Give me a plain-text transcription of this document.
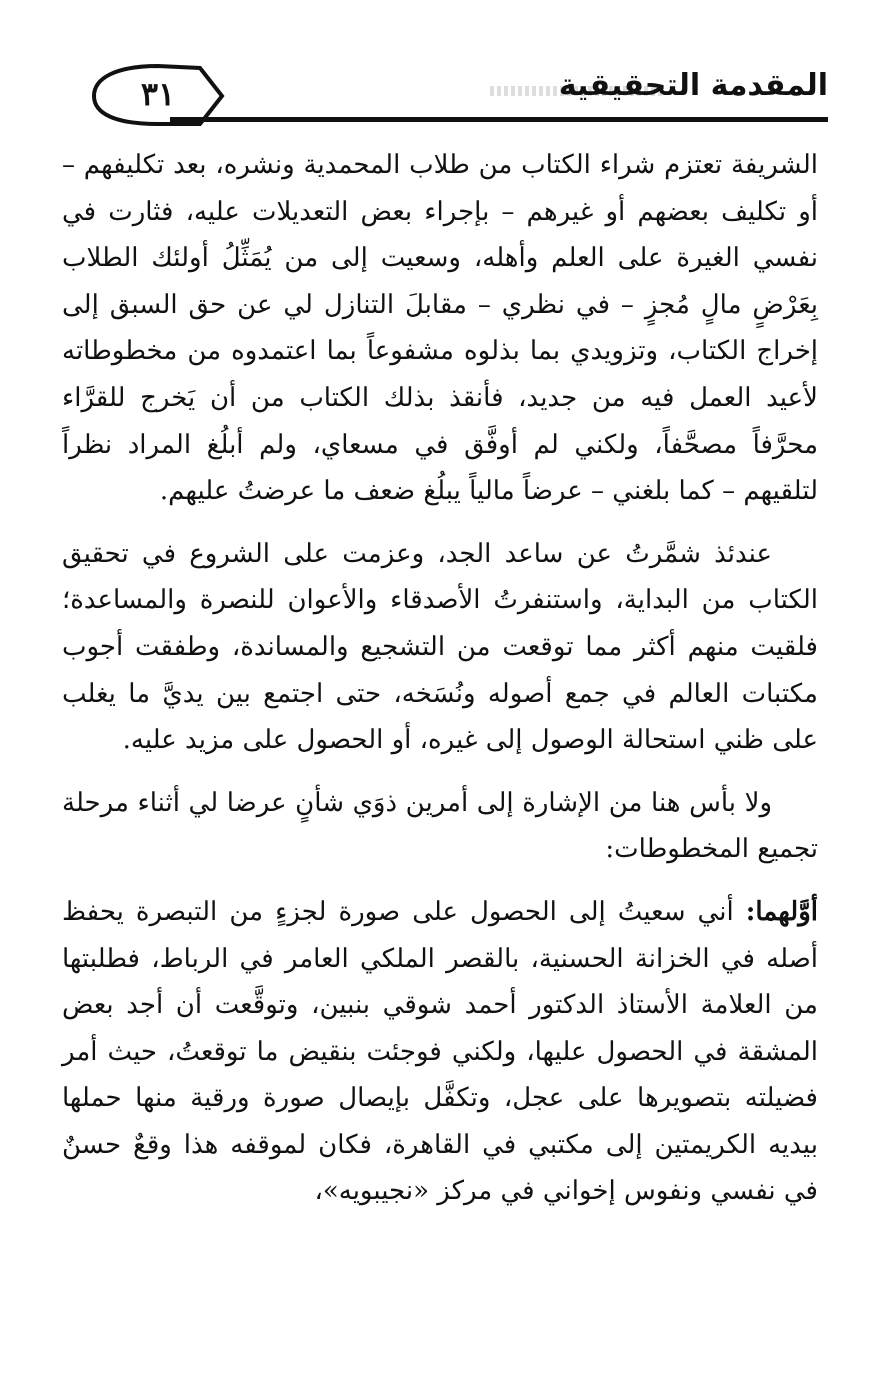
٣١	المقدمة التحقيقية

الشريفة تعتزم شراء الكتاب من طلاب المحمدية ونشره، بعد تكليفهم – أو تكليف بعضهم أو غيرهم – بإجراء بعض التعديلات عليه، فثارت في نفسي الغيرة على العلم وأهله، وسعيت إلى من يُمَثِّلُ أولئك الطلاب بِعَرْضٍ مالٍ مُجزٍ – في نظري – مقابلَ التنازل لي عن حق السبق إلى إخراج الكتاب، وتزويدي بما بذلوه مشفوعاً بما اعتمدوه من مخطوطاته لأعيد العمل فيه من جديد، فأنقذ بذلك الكتاب من أن يَخرج للقرَّاء محرَّفاً مصحَّفاً، ولكني لم أوفَّق في مسعاي، ولم أبلُغ المراد نظراً لتلقيهم – كما بلغني – عرضاً مالياً يبلُغ ضعف ما عرضتُ عليهم.

عندئذ شمَّرتُ عن ساعد الجد، وعزمت على الشروع في تحقيق الكتاب من البداية، واستنفرتُ الأصدقاء والأعوان للنصرة والمساعدة؛ فلقيت منهم أكثر مما توقعت من التشجيع والمساندة، وطفقت أجوب مكتبات العالم في جمع أصوله ونُسَخه، حتى اجتمع بين يديَّ ما يغلب على ظني استحالة الوصول إلى غيره، أو الحصول على مزيد عليه.

ولا بأس هنا من الإشارة إلى أمرين ذوَي شأنٍ عرضا لي أثناء مرحلة تجميع المخطوطات:

أوَّلهما: أني سعيتُ إلى الحصول على صورة لجزءٍ من التبصرة يحفظ أصله في الخزانة الحسنية، بالقصر الملكي العامر في الرباط، فطلبتها من العلامة الأستاذ الدكتور أحمد شوقي بنبين، وتوقَّعت أن أجد بعض المشقة في الحصول عليها، ولكني فوجئت بنقيض ما توقعتُ، حيث أمر فضيلته بتصويرها على عجل، وتكفَّل بإيصال صورة ورقية منها حملها بيديه الكريمتين إلى مكتبي في القاهرة، فكان لموقفه هذا وقعٌ حسنٌ في نفسي ونفوس إخواني في مركز «نجيبويه»،
